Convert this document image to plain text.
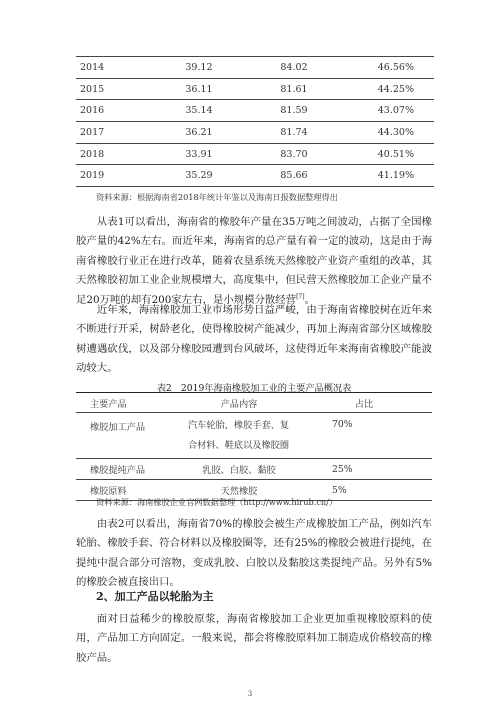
2014	39.12	84.02	46.56%
2015	36.11	81.61	44.25%
2016	35.14	81.59	43.07%
2017	36.21	81.74	44.30%
2018	33.91	83.70	40.51%
2019	35.29	85.66	41.19%
资料来源：根据海南省2018年统计年鉴以及海南日报数据整理得出

从表1可以看出，海南省的橡胶年产量在35万吨之间波动，占据了全国橡胶产量的42%左右。而近年来，海南省的总产量有着一定的波动，这是由于海南省橡胶行业正在进行改革，随着农垦系统天然橡胶产业资产重组的改革，其天然橡胶初加工业企业规模增大，高度集中，但民营天然橡胶加工企业产量不足20万吨的却有200家左右，是小规模分散经营[7]。

近年来，海南橡胶加工业市场形势日益严峻，由于海南省橡胶树在近年来不断进行开采，树龄老化，使得橡胶树产能减少，再加上海南省部分区域橡胶树遭遇砍伐，以及部分橡胶园遭到台风破坏，这使得近年来海南省橡胶产能波动较大。

表2　2019年海南橡胶加工业的主要产品概况表
主要产品	产品内容	占比
橡胶加工产品	汽车轮胎，橡胶手套、复合材料、鞋底以及橡胶圈	70%
橡胶提纯产品	乳胶、白胶、黏胶	25%
橡胶原料	天然橡胶	5%
资料来源：海南橡胶企业官网数据整理（http://www.hirub.cn/）

由表2可以看出，海南省70%的橡胶会被生产成橡胶加工产品，例如汽车轮胎、橡胶手套、符合材料以及橡胶圈等，还有25%的橡胶会被进行提纯，在提纯中混合部分可溶物，变成乳胶、白胶以及黏胶这类提纯产品。另外有5%的橡胶会被直接出口。

2、加工产品以轮胎为主

面对日益稀少的橡胶原浆，海南省橡胶加工企业更加重视橡胶原料的使用，产品加工方向固定。一般来说，都会将橡胶原料加工制造成价格较高的橡胶产品。

3
